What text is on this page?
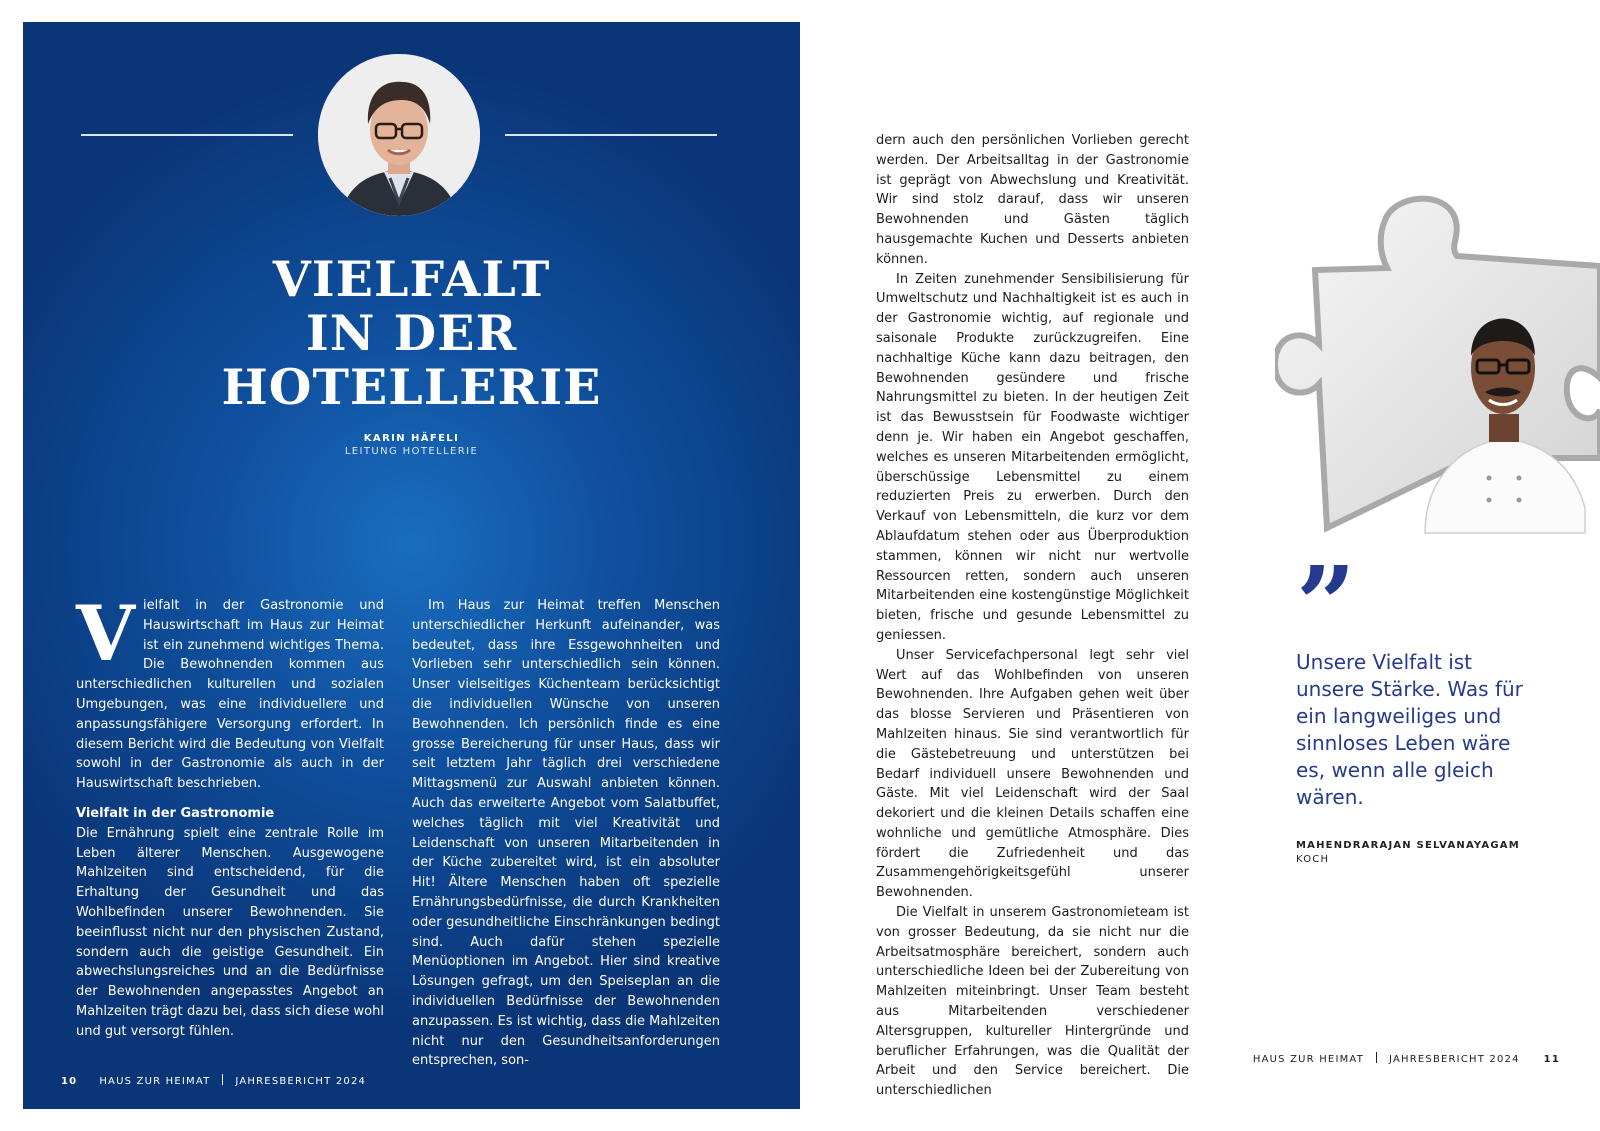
VIELFALT
IN DER
HOTELLERIE
KARIN HÄFELI
LEITUNG HOTELLERIE

Vielfalt in der Gastronomie und Hauswirtschaft im Haus zur Heimat ist ein zunehmend wichtiges Thema. Die Bewohnenden kommen aus unterschiedlichen kulturellen und sozialen Umgebungen, was eine individuellere und anpassungsfähigere Versorgung erfordert. In diesem Bericht wird die Bedeutung von Vielfalt sowohl in der Gastronomie als auch in der Hauswirtschaft beschrieben.

Vielfalt in der Gastronomie

Die Ernährung spielt eine zentrale Rolle im Leben älterer Menschen. Ausgewogene Mahlzeiten sind entscheidend, für die Erhaltung der Gesundheit und das Wohlbefinden unserer Bewohnenden. Sie beeinflusst nicht nur den physischen Zustand, sondern auch die geistige Gesundheit. Ein abwechslungsreiches und an die Bedürfnisse der Bewohnenden angepasstes Angebot an Mahlzeiten trägt dazu bei, dass sich diese wohl und gut versorgt fühlen.

Im Haus zur Heimat treffen Menschen unterschiedlicher Herkunft aufeinander, was bedeutet, dass ihre Essgewohnheiten und Vorlieben sehr unterschiedlich sein können. Unser vielseitiges Küchenteam berücksichtigt die individuellen Wünsche von unseren Bewohnenden. Ich persönlich finde es eine grosse Bereicherung für unser Haus, dass wir seit letztem Jahr täglich drei verschiedene Mittagsmenü zur Auswahl anbieten können. Auch das erweiterte Angebot vom Salatbuffet, welches täglich mit viel Kreativität und Leidenschaft von unseren Mitarbeitenden in der Küche zubereitet wird, ist ein absoluter Hit! Ältere Menschen haben oft spezielle Ernährungsbedürfnisse, die durch Krankheiten oder gesundheitliche Einschränkungen bedingt sind. Auch dafür stehen spezielle Menüoptionen im Angebot. Hier sind kreative Lösungen gefragt, um den Speiseplan an die individuellen Bedürfnisse der Bewohnenden anzupassen. Es ist wichtig, dass die Mahlzeiten nicht nur den Gesundheitsanforderungen entsprechen, son-

10 HAUS ZUR HEIMAT	JAHRESBERICHT 2024

dern auch den persönlichen Vorlieben gerecht werden. Der Arbeitsalltag in der Gastronomie ist geprägt von Abwechslung und Kreativität. Wir sind stolz darauf, dass wir unseren Bewohnenden und Gästen täglich hausgemachte Kuchen und Desserts anbieten können.

In Zeiten zunehmender Sensibilisierung für Umweltschutz und Nachhaltigkeit ist es auch in der Gastronomie wichtig, auf regionale und saisonale Produkte zurückzugreifen. Eine nachhaltige Küche kann dazu beitragen, den Bewohnenden gesündere und frische Nahrungsmittel zu bieten. In der heutigen Zeit ist das Bewusstsein für Foodwaste wichtiger denn je. Wir haben ein Angebot geschaffen, welches es unseren Mitarbeitenden ermöglicht, überschüssige Lebensmittel zu einem reduzierten Preis zu erwerben. Durch den Verkauf von Lebensmitteln, die kurz vor dem Ablaufdatum stehen oder aus Überproduktion stammen, können wir nicht nur wertvolle Ressourcen retten, sondern auch unseren Mitarbeitenden eine kostengünstige Möglichkeit bieten, frische und gesunde Lebensmittel zu geniessen.

Unser Servicefachpersonal legt sehr viel Wert auf das Wohlbefinden von unseren Bewohnenden. Ihre Aufgaben gehen weit über das blosse Servieren und Präsentieren von Mahlzeiten hinaus. Sie sind verantwortlich für die Gästebetreuung und unterstützen bei Bedarf individuell unsere Bewohnenden und Gäste. Mit viel Leidenschaft wird der Saal dekoriert und die kleinen Details schaffen eine wohnliche und gemütliche Atmosphäre. Dies fördert die Zufriedenheit und das Zusammengehörigkeitsgefühl unserer Bewohnenden.

Die Vielfalt in unserem Gastronomieteam ist von grosser Bedeutung, da sie nicht nur die Arbeitsatmosphäre bereichert, sondern auch unterschiedliche Ideen bei der Zubereitung von Mahlzeiten miteinbringt. Unser Team besteht aus Mitarbeitenden verschiedener Altersgruppen, kultureller Hintergründe und beruflicher Erfahrungen, was die Qualität der Arbeit und den Service bereichert. Die unterschiedlichen

”
Unsere Vielfalt ist unsere Stärke. Was für ein langweiliges und sinnloses Leben wäre es, wenn alle gleich wären.
MAHENDRARAJAN SELVANAYAGAM
KOCH
HAUS ZUR HEIMAT	JAHRESBERICHT 2024 11
